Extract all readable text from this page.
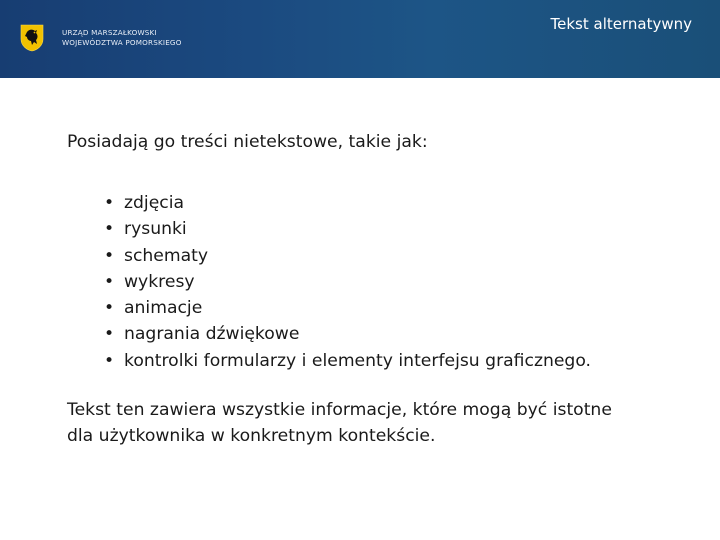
URZĄD MARSZAŁKOWSKI
WOJEWÓDZTWA POMORSKIEGO
Tekst alternatywny

Posiadają go treści nietekstowe, takie jak:

• zdjęcia
• rysunki
• schematy
• wykresy
• animacje
• nagrania dźwiękowe
• kontrolki formularzy i elementy interfejsu graficznego.

Tekst ten zawiera wszystkie informacje, które mogą być istotne
dla użytkownika w konkretnym kontekście.
